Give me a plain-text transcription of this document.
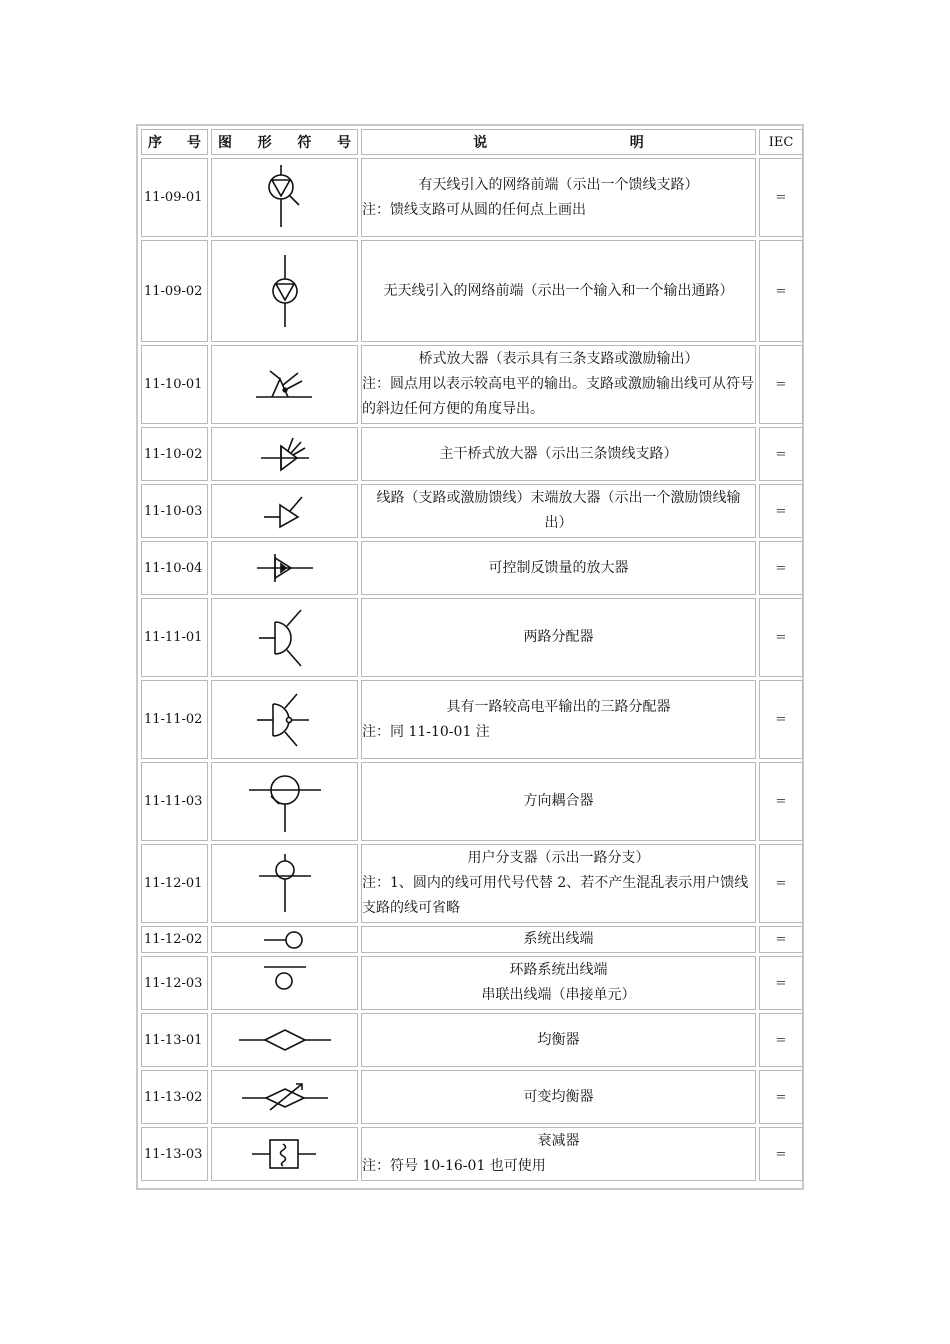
序 号	图 形 符 号	说 明	IEC
11-09-01		有天线引入的网络前端（示出一个馈线支路）
注：馈线支路可从圆的任何点上画出	=
11-09-02		无天线引入的网络前端（示出一个输入和一个输出通路）	=
11-10-01		桥式放大器（表示具有三条支路或激励输出）
注：圆点用以表示较高电平的输出。支路或激励输出线可从符号的斜边任何方便的角度导出。	=
11-10-02		主干桥式放大器（示出三条馈线支路）	=
11-10-03		线路（支路或激励馈线）末端放大器（示出一个激励馈线输出）	=
11-10-04		可控制反馈量的放大器	=
11-11-01		两路分配器	=
11-11-02		具有一路较高电平输出的三路分配器
注：同 11-10-01 注	=
11-11-03		方向耦合器	=
11-12-01		用户分支器（示出一路分支）
注：1、圆内的线可用代号代替 2、若不产生混乱表示用户馈线支路的线可省略	=
11-12-02		系统出线端	=
11-12-03		环路系统出线端
串联出线端（串接单元）	=
11-13-01		均衡器	=
11-13-02		可变均衡器	=
11-13-03		衰减器
注：符号 10-16-01 也可使用	=
